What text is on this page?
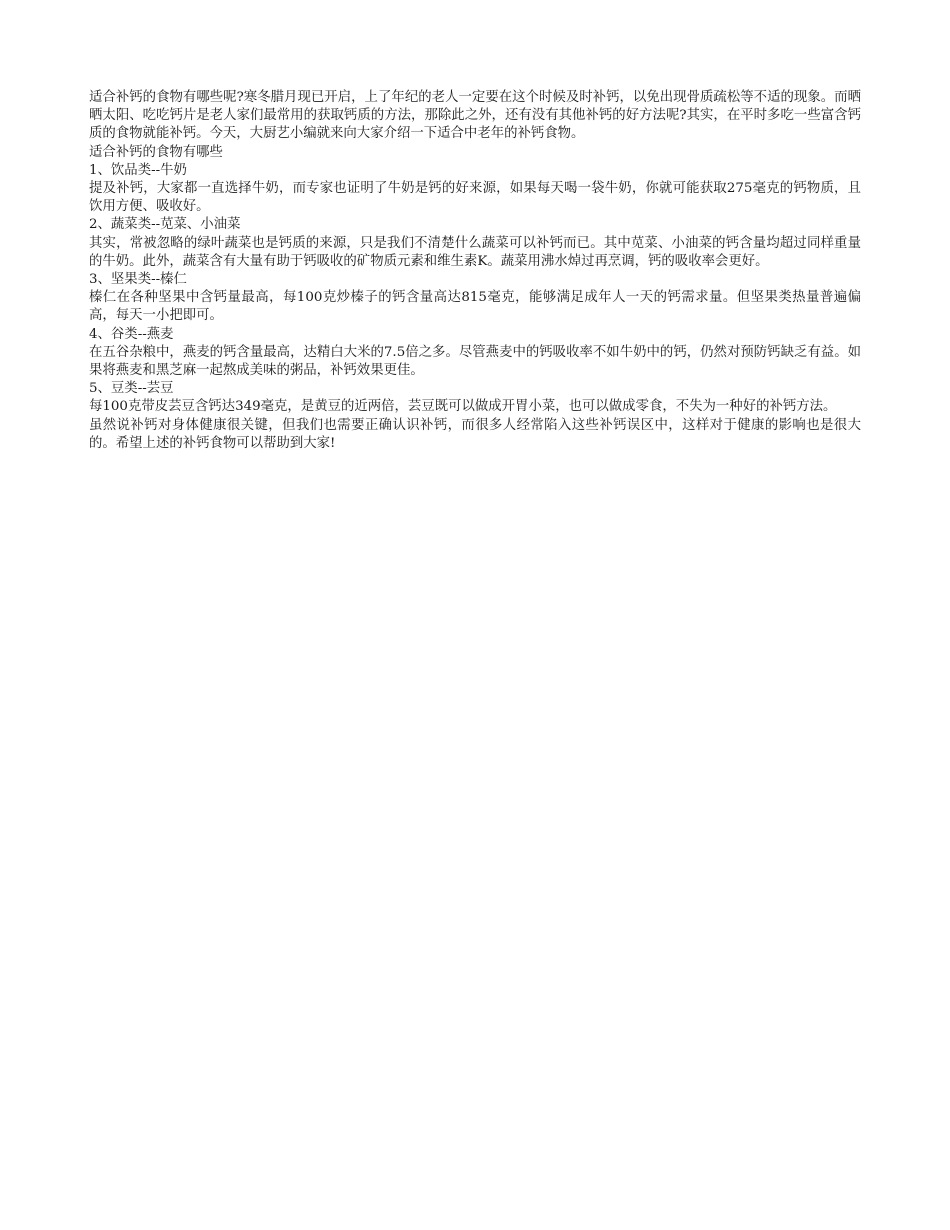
适合补钙的食物有哪些呢?寒冬腊月现已开启，上了年纪的老人一定要在这个时候及时补钙，以免出现骨质疏松等不适的现象。而晒晒太阳、吃吃钙片是老人家们最常用的获取钙质的方法，那除此之外，还有没有其他补钙的好方法呢?其实，在平时多吃一些富含钙质的食物就能补钙。今天，大厨艺小编就来向大家介绍一下适合中老年的补钙食物。

适合补钙的食物有哪些

1、饮品类--牛奶

提及补钙，大家都一直选择牛奶，而专家也证明了牛奶是钙的好来源，如果每天喝一袋牛奶，你就可能获取275毫克的钙物质，且饮用方便、吸收好。

2、蔬菜类--苋菜、小油菜

其实，常被忽略的绿叶蔬菜也是钙质的来源，只是我们不清楚什么蔬菜可以补钙而已。其中苋菜、小油菜的钙含量均超过同样重量的牛奶。此外，蔬菜含有大量有助于钙吸收的矿物质元素和维生素K。蔬菜用沸水焯过再烹调，钙的吸收率会更好。

3、坚果类--榛仁

榛仁在各种坚果中含钙量最高，每100克炒榛子的钙含量高达815毫克，能够满足成年人一天的钙需求量。但坚果类热量普遍偏高，每天一小把即可。

4、谷类--燕麦

在五谷杂粮中，燕麦的钙含量最高，达精白大米的7.5倍之多。尽管燕麦中的钙吸收率不如牛奶中的钙，仍然对预防钙缺乏有益。如果将燕麦和黑芝麻一起熬成美味的粥品，补钙效果更佳。

5、豆类--芸豆

每100克带皮芸豆含钙达349毫克，是黄豆的近两倍，芸豆既可以做成开胃小菜，也可以做成零食，不失为一种好的补钙方法。

虽然说补钙对身体健康很关键，但我们也需要正确认识补钙，而很多人经常陷入这些补钙误区中，这样对于健康的影响也是很大的。希望上述的补钙食物可以帮助到大家!
